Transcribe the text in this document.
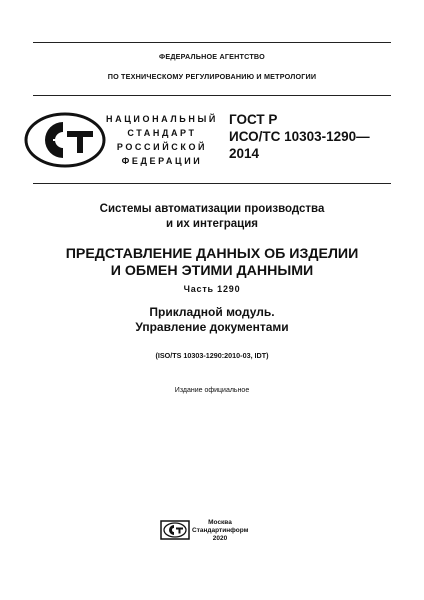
ФЕДЕРАЛЬНОЕ АГЕНТСТВО
ПО ТЕХНИЧЕСКОМУ РЕГУЛИРОВАНИЮ И МЕТРОЛОГИИ
НАЦИОНАЛЬНЫЙ
СТАНДАРТ
РОССИЙСКОЙ
ФЕДЕРАЦИИ
ГОСТ Р
ИСО/ТС 10303-1290—
2014
Системы автоматизации производства
и их интеграция
ПРЕДСТАВЛЕНИЕ ДАННЫХ ОБ ИЗДЕЛИИ
И ОБМЕН ЭТИМИ ДАННЫМИ
Часть 1290
Прикладной модуль.
Управление документами
(ISO/TS 10303-1290:2010-03, IDT)
Издание официальное
Москва
Стандартинформ
2020
